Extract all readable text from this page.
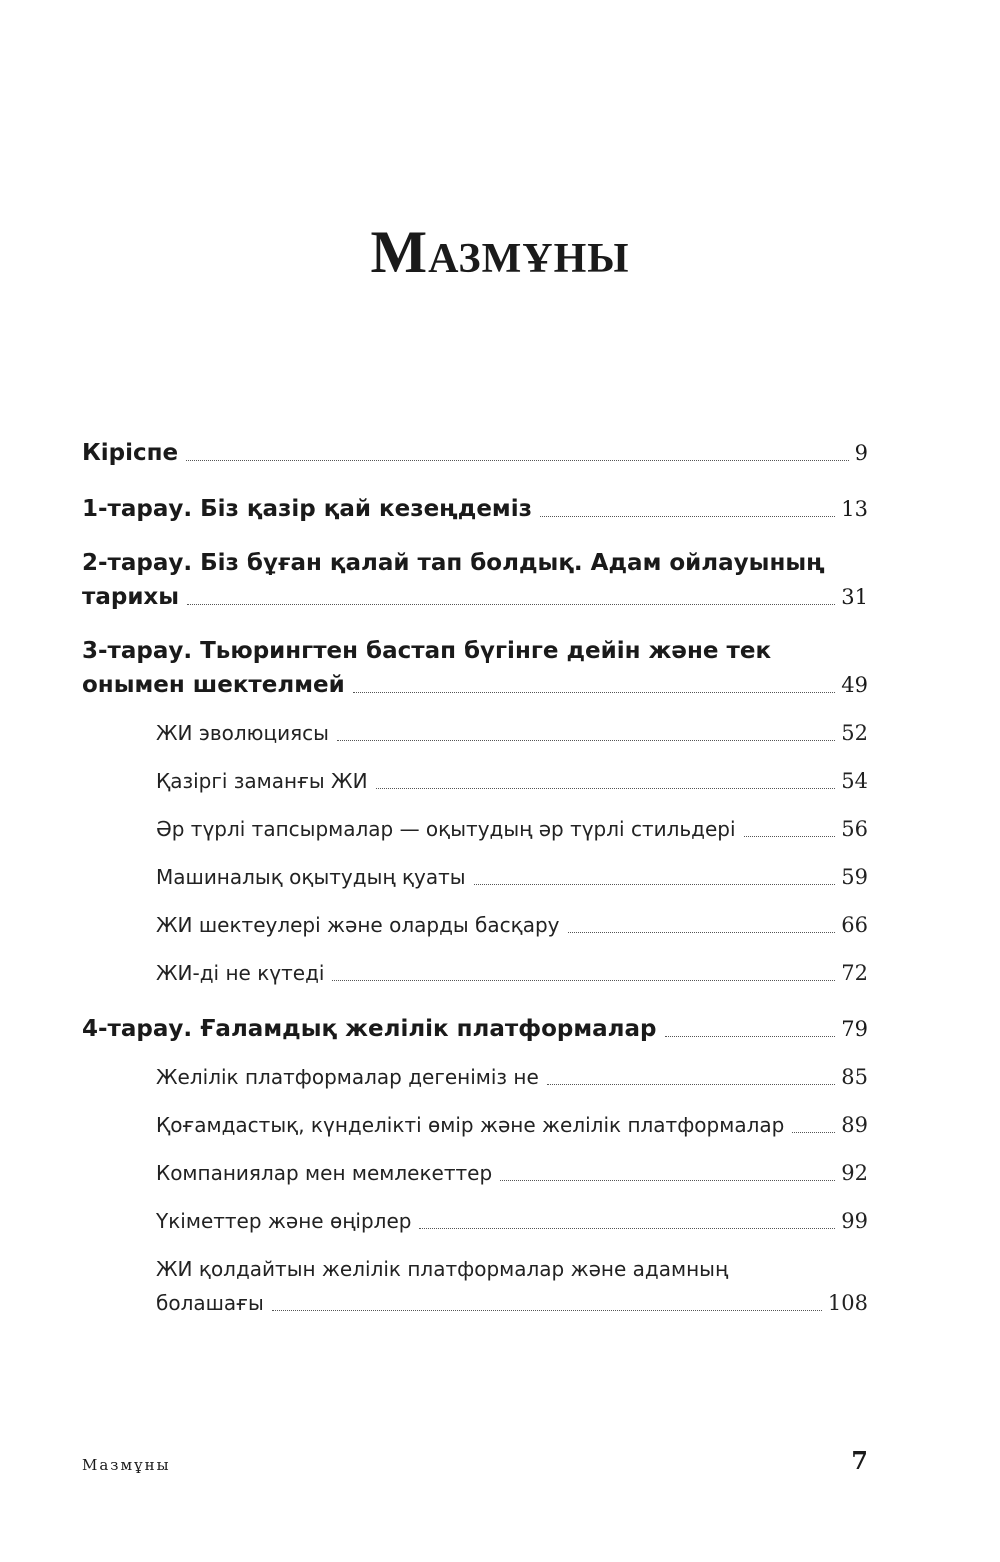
Мазмұны
Кіріспе	9
1-тарау. Біз қазір қай кезеңдеміз	13
2-тарау. Біз бұған қалай тап болдық. Адам ойлауының
тарихы	31
3-тарау. Тьюрингтен бастап бүгінге дейін және тек
онымен шектелмей	49
ЖИ эволюциясы	52
Қазіргі заманғы ЖИ	54
Әр түрлі тапсырмалар — оқытудың әр түрлі стильдері	56
Машиналық оқытудың қуаты	59
ЖИ шектеулері және оларды басқару	66
ЖИ-ді не күтеді	72
4-тарау. Ғаламдық желілік платформалар	79
Желілік платформалар дегеніміз не	85
Қоғамдастық, күнделікті өмір және желілік платформалар	89
Компаниялар мен мемлекеттер	92
Үкіметтер және өңірлер	99
ЖИ қолдайтын желілік платформалар және адамның
болашағы	108
Мазмұны	7
